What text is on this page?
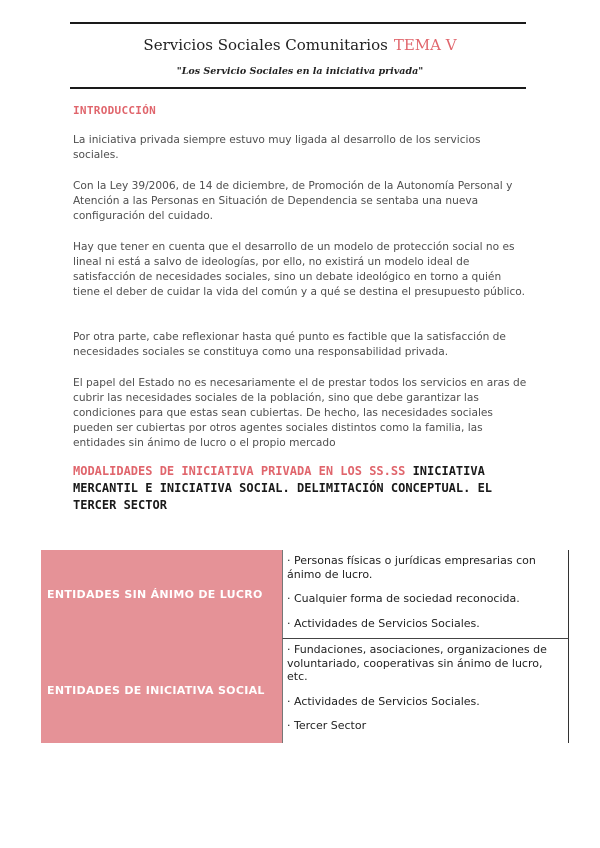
Servicios Sociales Comunitarios TEMA V
"Los Servicio Sociales en la iniciativa privada"
INTRODUCCIÓN

La iniciativa privada siempre estuvo muy ligada al desarrollo de los servicios sociales.

Con la Ley 39/2006, de 14 de diciembre, de Promoción de la Autonomía Personal y Atención a las Personas en Situación de Dependencia se sentaba una nueva configuración del cuidado.

Hay que tener en cuenta que el desarrollo de un modelo de protección social no es lineal ni está a salvo de ideologías, por ello, no existirá un modelo ideal de satisfacción de necesidades sociales, sino un debate ideológico en torno a quién tiene el deber de cuidar la vida del común y a qué se destina el presupuesto público.

Por otra parte, cabe reflexionar hasta qué punto es factible que la satisfacción de necesidades sociales se constituya como una responsabilidad privada.

El papel del Estado no es necesariamente el de prestar todos los servicios en aras de cubrir las necesidades sociales de la población, sino que debe garantizar las condiciones para que estas sean cubiertas. De hecho, las necesidades sociales pueden ser cubiertas por otros agentes sociales distintos como la familia, las entidades sin ánimo de lucro o el propio mercado

MODALIDADES DE INICIATIVA PRIVADA EN LOS SS.SS INICIATIVA MERCANTIL E INICIATIVA SOCIAL. DELIMITACIÓN CONCEPTUAL. EL TERCER SECTOR

ENTIDADES SIN ÁNIMO DE LUCRO
· Personas físicas o jurídicas empresarias con ánimo de lucro.
· Cualquier forma de sociedad reconocida.
· Actividades de Servicios Sociales.
ENTIDADES DE INICIATIVA SOCIAL
· Fundaciones, asociaciones, organizaciones de voluntariado, cooperativas sin ánimo de lucro, etc.
· Actividades de Servicios Sociales.
· Tercer Sector
